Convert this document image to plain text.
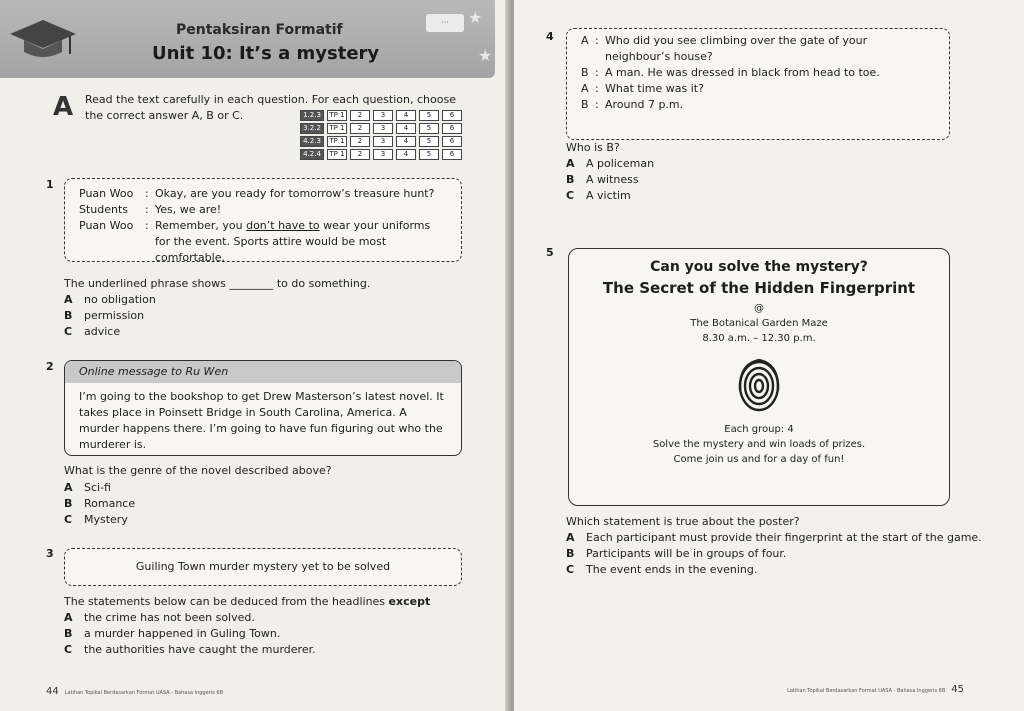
···
★
★
Pentaksiran Formatif
Unit 10: It’s a mystery
A Read the text carefully in each question. For each question, choose the correct answer A, B or C.	1.2.3	TP 1	2	3	4	5	6
3.2.2	TP 1	2	3	4	5	6
4.2.3	TP 1	2	3	4	5	6
4.2.4	TP 1	2	3	4	5	6
1
Puan Woo	: Okay, are you ready for tomorrow’s treasure hunt?
Students	: Yes, we are!
Puan Woo	: Remember, you don’t have to wear your uniforms for the event. Sports attire would be most comfortable.
The underlined phrase shows ________ to do something.
A	no obligation
B	permission
C	advice
2	Online message to Ru Wen
I’m going to the bookshop to get Drew Masterson’s latest novel. It takes place in Poinsett Bridge in South Carolina, America. A murder happens there. I’m going to have fun figuring out who the murderer is.
What is the genre of the novel described above?
A	Sci-fi
B	Romance
C	Mystery
3
Guiling Town murder mystery yet to be solved
The statements below can be deduced from the headlines except
A	the crime has not been solved.
B	a murder happened in Guling Town.
C	the authorities have caught the murderer.
44 Latihan Topikal Berdasarkan Format UASA - Bahasa Inggeris 6B
4 A : Who did you see climbing over the gate of your neighbour’s house?
B : A man. He was dressed in black from head to toe.
A : What time was it?
B : Around 7 p.m.
Who is B?
A	A policeman
B	A witness
C	A victim
5
Can you solve the mystery?
The Secret of the Hidden Fingerprint
@
The Botanical Garden Maze
8.30 a.m. – 12.30 p.m.
Each group: 4
Solve the mystery and win loads of prizes.
Come join us and for a day of fun!
Which statement is true about the poster?
A	Each participant must provide their fingerprint at the start of the game.
B	Participants will be in groups of four.
C	The event ends in the evening.
Latihan Topikal Berdasarkan Format UASA - Bahasa Inggeris 6B 45
